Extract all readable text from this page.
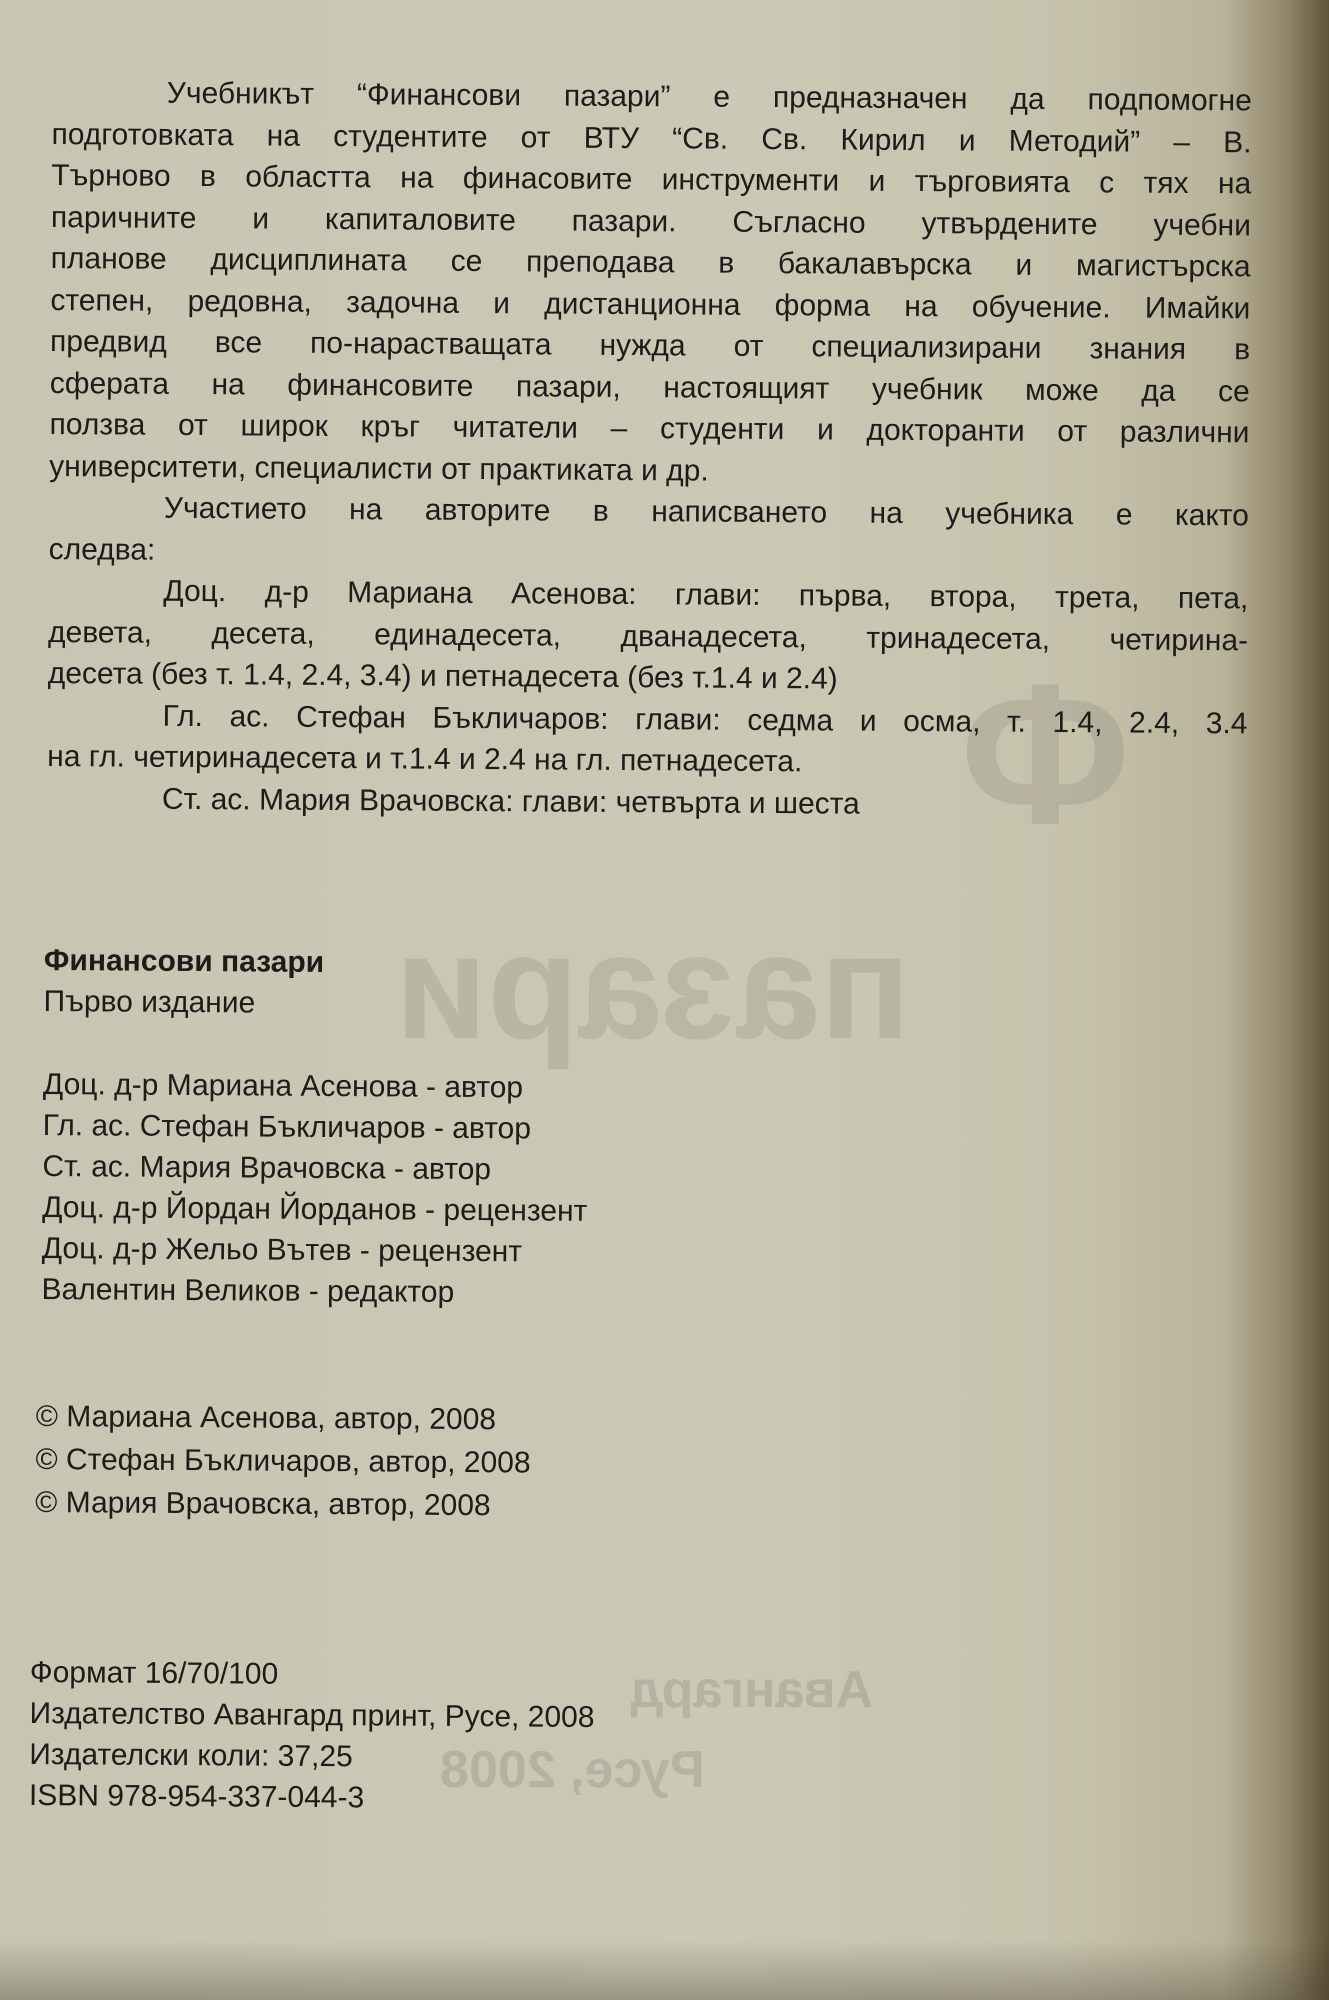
Ф
пазари
Авангард
Русе, 2008
Учебникът “Финансови пазари” е предназначен да подпомогне
подготовката на студентите от ВТУ “Св. Св. Кирил и Методий” – В.
Търново в областта на финасовите инструменти и търговията с тях на
паричните и капиталовите пазари. Съгласно утвърдените учебни
планове дисциплината се преподава в бакалавърска и магистърска
степен, редовна, задочна и дистанционна форма на обучение. Имайки
предвид все по-нарастващата нужда от специализирани знания в
сферата на финансовите пазари, настоящият учебник може да се
ползва от широк кръг читатели – студенти и докторанти от различни
университети, специалисти от практиката и др.
Участието на авторите в написването на учебника е както
следва:
Доц. д-р Мариана Асенова: глави: първа, втора, трета, пета,
девета, десета, единадесета, дванадесета, тринадесета, четирина-
десета (без т. 1.4, 2.4, 3.4) и петнадесета (без т.1.4 и 2.4)
Гл. ас. Стефан Бъкличаров: глави: седма и осма, т. 1.4, 2.4, 3.4
на гл. четиринадесета и т.1.4 и 2.4 на гл. петнадесета.
Ст. ас. Мария Врачовска: глави: четвърта и шеста
Финансови пазари
Първо издание
Доц. д-р Мариана Асенова - автор
Гл. ас. Стефан Бъкличаров - автор
Ст. ас. Мария Врачовска - автор
Доц. д-р Йордан Йорданов - рецензент
Доц. д-р Жельо Вътев - рецензент
Валентин Великов - редактор
© Мариана Асенова, автор, 2008
© Стефан Бъкличаров, автор, 2008
© Мария Врачовска, автор, 2008
Формат 16/70/100
Издателство Авангард принт, Русе, 2008
Издателски коли: 37,25
ISBN 978-954-337-044-3
